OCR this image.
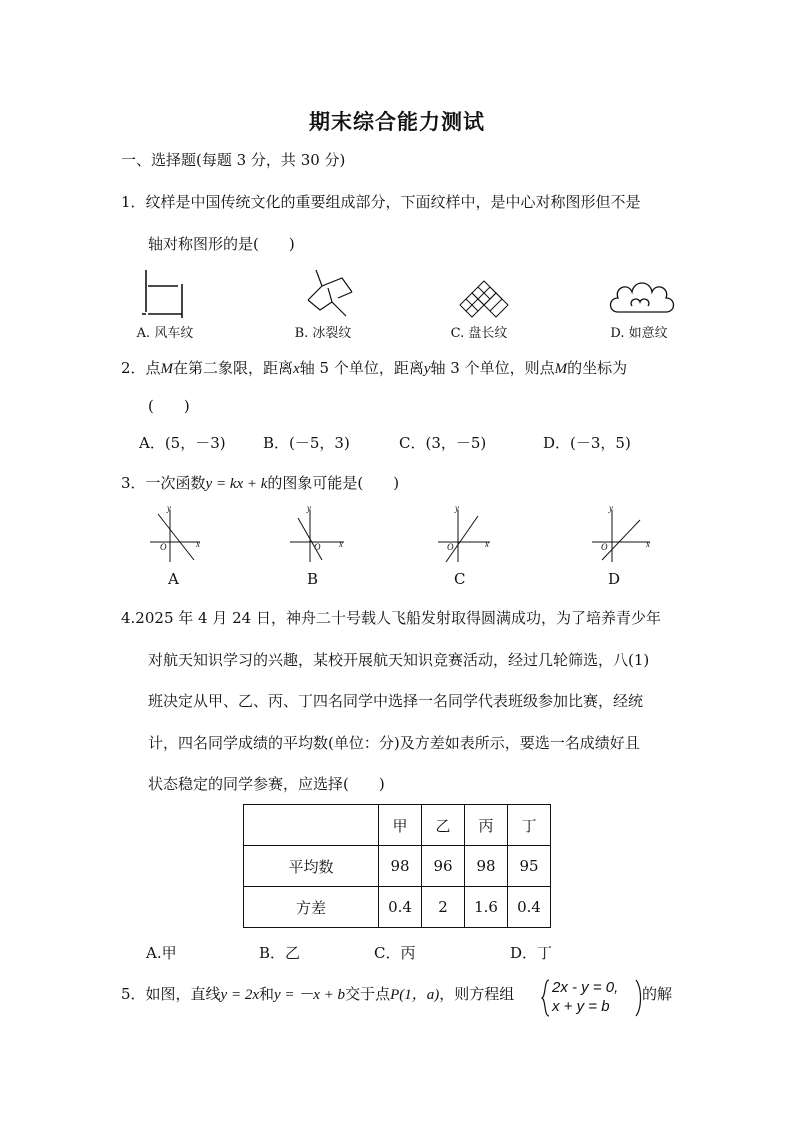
期末综合能力测试
一、选择题(每题 3 分，共 30 分)
1．纹样是中国传统文化的重要组成部分，下面纹样中，是中心对称图形但不是
轴对称图形的是(　　)
A. 风车纹	B. 冰裂纹	C. 盘长纹	D. 如意纹
2．点M在第二象限，距离x轴 5 个单位，距离y轴 3 个单位，则点M的坐标为
(　　)
A．(5，－3) B．(－5，3)	C．(3，－5)	D．(－3，5)
3．一次函数y = kx + k的图象可能是(　　)
y
x
O
y
x
O
y
x
O
y
x
O
A	B	C	D
4.2025 年 4 月 24 日，神舟二十号载人飞船发射取得圆满成功，为了培养青少年
对航天知识学习的兴趣，某校开展航天知识竞赛活动，经过几轮筛选，八(1)
班决定从甲、乙、丙、丁四名同学中选择一名同学代表班级参加比赛，经统
计，四名同学成绩的平均数(单位：分)及方差如表所示，要选一名成绩好且
状态稳定的同学参赛，应选择(　　)
	甲	乙	丙	丁
平均数	98	96	98	95
方差	0.4	2	1.6	0.4
A.甲	B．乙	C．丙	D．丁
5．如图，直线y = 2x和y = －x + b交于点P(1，a)，则方程组	2x - y = 0,
x + y = b
的解
